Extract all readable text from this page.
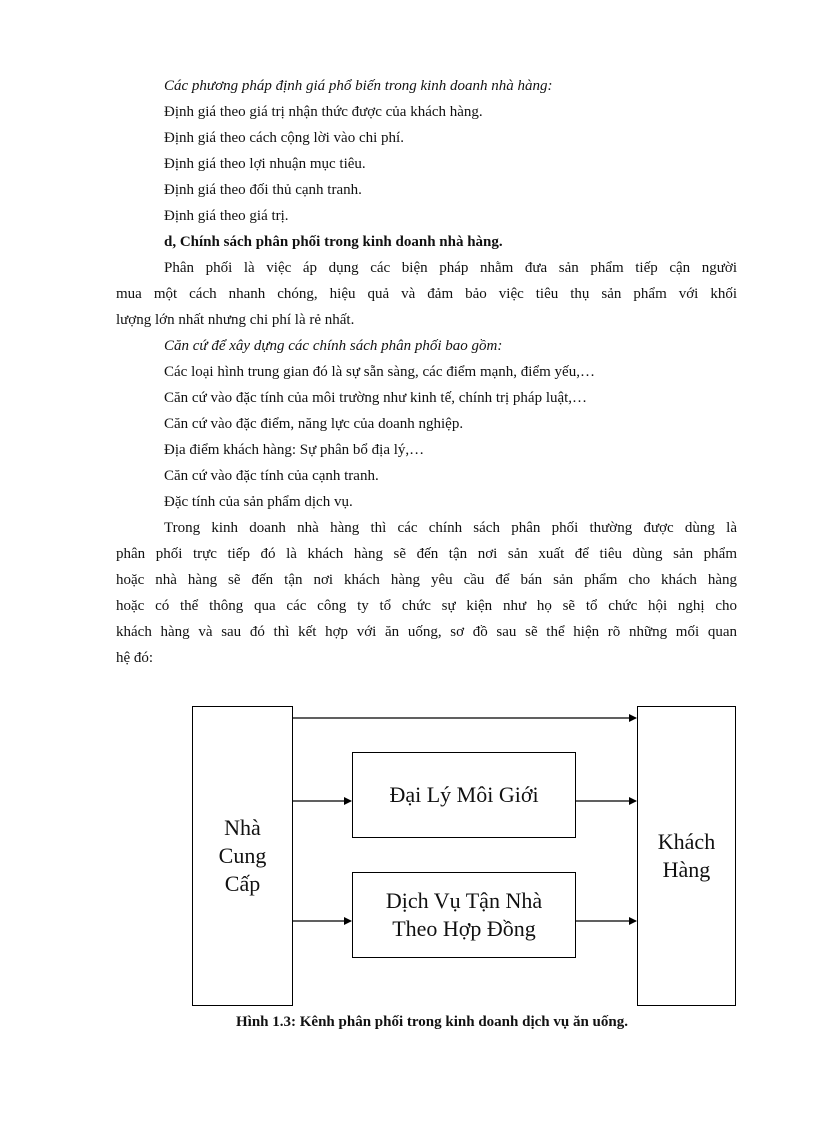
Các phương pháp định giá phổ biến trong kinh doanh nhà hàng:
Định giá theo giá trị nhận thức được của khách hàng.
Định giá theo cách cộng lời vào chi phí.
Định giá theo lợi nhuận mục tiêu.
Định giá theo đối thủ cạnh tranh.
Định giá theo giá trị.
d, Chính sách phân phối trong kinh doanh nhà hàng.
Phân phối là việc áp dụng các biện pháp nhằm đưa sản phẩm tiếp cận người
mua một cách nhanh chóng, hiệu quả và đảm bảo việc tiêu thụ sản phẩm với khối
lượng lớn nhất nhưng chi phí là rẻ nhất.
Căn cứ để xây dựng các chính sách phân phối bao gồm:
Các loại hình trung gian đó là sự sẵn sàng, các điểm mạnh, điểm yếu,…
Căn cứ vào đặc tính của môi trường như kinh tế, chính trị pháp luật,…
Căn cứ vào đặc điểm, năng lực của doanh nghiệp.
Địa điểm khách hàng: Sự phân bổ địa lý,…
Căn cứ vào đặc tính của cạnh tranh.
Đặc tính của sản phẩm dịch vụ.
Trong kinh doanh nhà hàng thì các chính sách phân phối thường được dùng là
phân phối trực tiếp đó là khách hàng sẽ đến tận nơi sản xuất để tiêu dùng sản phẩm
hoặc nhà hàng sẽ đến tận nơi khách hàng yêu cầu để bán sản phẩm cho khách hàng
hoặc có thể thông qua các công ty tổ chức sự kiện như họ sẽ tổ chức hội nghị cho
khách hàng và sau đó thì kết hợp với ăn uống, sơ đồ sau sẽ thể hiện rõ những mối quan
hệ đó:
Nhà
Cung
Cấp
Đại Lý Môi Giới
Dịch Vụ Tận Nhà
Theo Hợp Đồng
Khách
Hàng
Hình 1.3: Kênh phân phối trong kinh doanh dịch vụ ăn uống.
